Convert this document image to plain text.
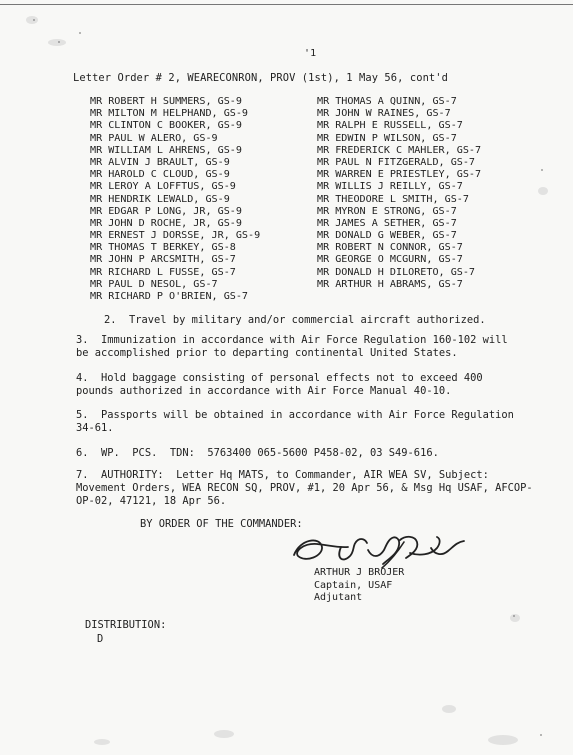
'1
Letter Order # 2, WEARECONRON, PROV (1st), 1 May 56, cont'd
MR ROBERT H SUMMERS, GS-9
MR MILTON M HELPHAND, GS-9
MR CLINTON C BOOKER, GS-9
MR PAUL W ALERO, GS-9
MR WILLIAM L AHRENS, GS-9
MR ALVIN J BRAULT, GS-9
MR HAROLD C CLOUD, GS-9
MR LEROY A LOFFTUS, GS-9
MR HENDRIK LEWALD, GS-9
MR EDGAR P LONG, JR, GS-9
MR JOHN D ROCHE, JR, GS-9
MR ERNEST J DORSSE, JR, GS-9
MR THOMAS T BERKEY, GS-8
MR JOHN P ARCSMITH, GS-7
MR RICHARD L FUSSE, GS-7
MR PAUL D NESOL, GS-7
MR RICHARD P O'BRIEN, GS-7
MR THOMAS A QUINN, GS-7
MR JOHN W RAINES, GS-7
MR RALPH E RUSSELL, GS-7
MR EDWIN P WILSON, GS-7
MR FREDERICK C MAHLER, GS-7
MR PAUL N FITZGERALD, GS-7
MR WARREN E PRIESTLEY, GS-7
MR WILLIS J REILLY, GS-7
MR THEODORE L SMITH, GS-7
MR MYRON E STRONG, GS-7
MR JAMES A SETHER, GS-7
MR DONALD G WEBER, GS-7
MR ROBERT N CONNOR, GS-7
MR GEORGE O MCGURN, GS-7
MR DONALD H DILORETO, GS-7
MR ARTHUR H ABRAMS, GS-7
2.  Travel by military and/or commercial aircraft authorized.
3.  Immunization in accordance with Air Force Regulation 160-102 will
be accomplished prior to departing continental United States.
4.  Hold baggage consisting of personal effects not to exceed 400
pounds authorized in accordance with Air Force Manual 40-10.
5.  Passports will be obtained in accordance with Air Force Regulation
34-61.
6.  WP.  PCS.  TDN:  5763400 065-5600 P458-02, 03 S49-616.
7.  AUTHORITY:  Letter Hq MATS, to Commander, AIR WEA SV, Subject:
Movement Orders, WEA RECON SQ, PROV, #1, 20 Apr 56, & Msg Hq USAF, AFCOP-
OP-02, 47121, 18 Apr 56.
BY ORDER OF THE COMMANDER:
ARTHUR J BROJER
Captain, USAF
Adjutant
DISTRIBUTION:
D
